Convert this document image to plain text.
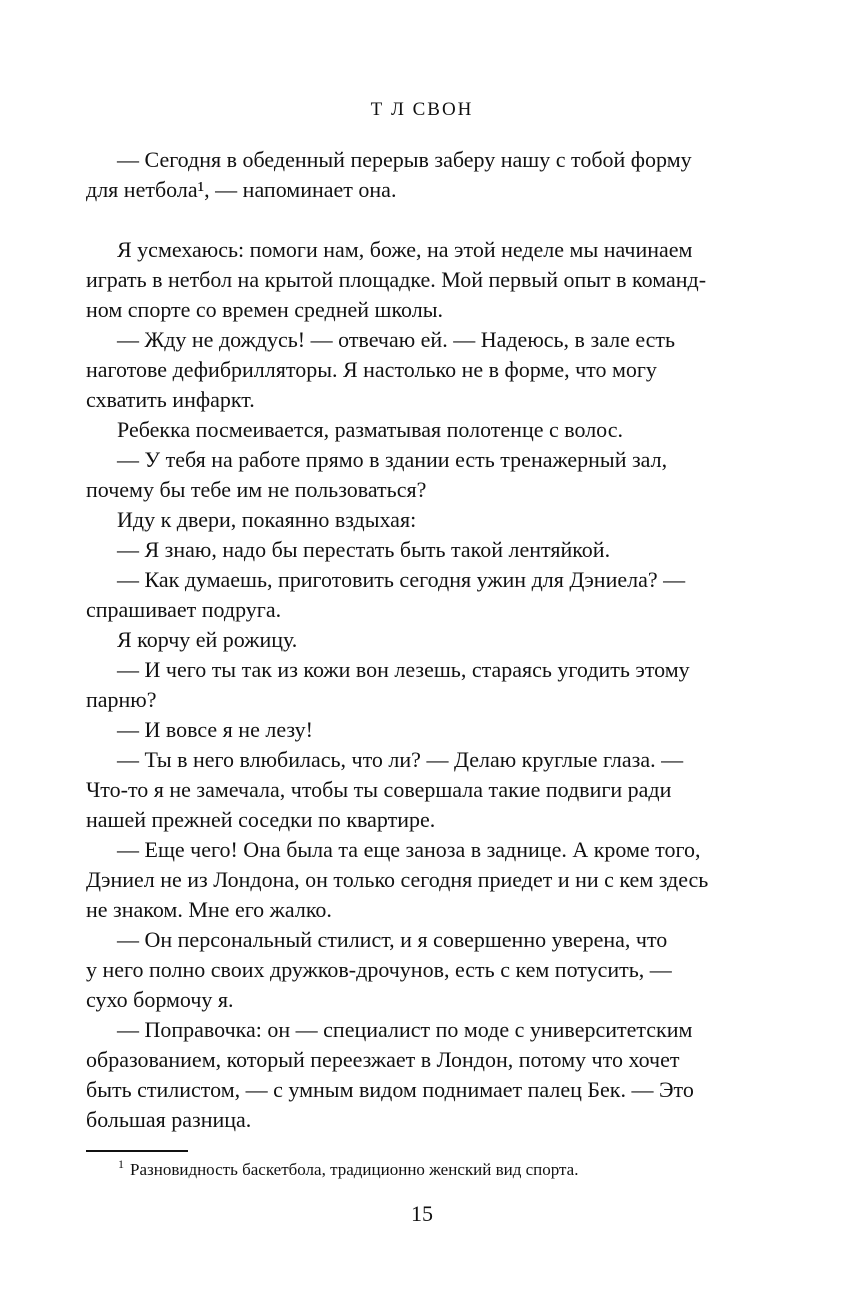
Т Л СВОН

— Сегодня в обеденный перерыв заберу нашу с тобой форму
для нетбола¹, — напоминает она.

Я усмехаюсь: помоги нам, боже, на этой неделе мы начинаем
играть в нетбол на крытой площадке. Мой первый опыт в команд-
ном спорте со времен средней школы.

— Жду не дождусь! — отвечаю ей. — Надеюсь, в зале есть
наготове дефибрилляторы. Я настолько не в форме, что могу
схватить инфаркт.

Ребекка посмеивается, разматывая полотенце с волос.

— У тебя на работе прямо в здании есть тренажерный зал,
почему бы тебе им не пользоваться?

Иду к двери, покаянно вздыхая:

— Я знаю, надо бы перестать быть такой лентяйкой.

— Как думаешь, приготовить сегодня ужин для Дэниела? —
спрашивает подруга.

Я корчу ей рожицу.

— И чего ты так из кожи вон лезешь, стараясь угодить этому
парню?

— И вовсе я не лезу!

— Ты в него влюбилась, что ли? — Делаю круглые глаза. —
Что-то я не замечала, чтобы ты совершала такие подвиги ради
нашей прежней соседки по квартире.

— Еще чего! Она была та еще заноза в заднице. А кроме того,
Дэниел не из Лондона, он только сегодня приедет и ни с кем здесь
не знаком. Мне его жалко.

— Он персональный стилист, и я совершенно уверена, что
у него полно своих дружков-дрочунов, есть с кем потусить, —
сухо бормочу я.

— Поправочка: он — специалист по моде с университетским
образованием, который переезжает в Лондон, потому что хочет
быть стилистом, — с умным видом поднимает палец Бек. — Это
большая разница.

$^1$ Разновидность баскетбола, традиционно женский вид спорта.
15
